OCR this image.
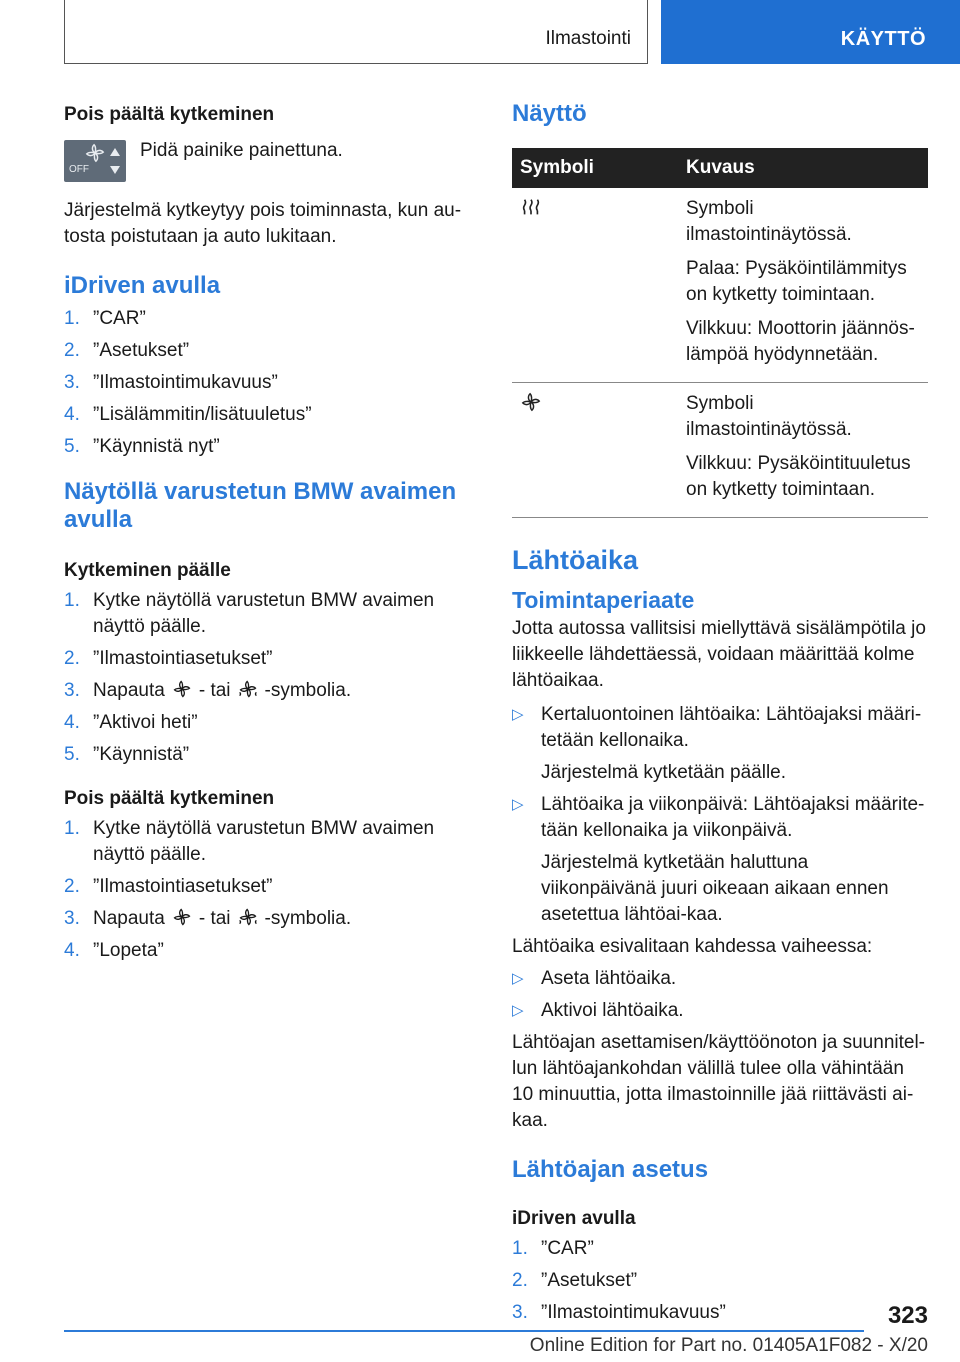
Ilmastointi	KÄYTTÖ

Pois päältä kytkeminen

OFF
Pidä painike painettuna.

Järjestelmä kytkeytyy pois toiminnasta, kun au-tosta poistutaan ja auto lukitaan.

iDriven avulla

1. ”CAR”
2. ”Asetukset”
3. ”Ilmastointimukavuus”
4. ”Lisälämmitin/lisätuuletus”
5. ”Käynnistä nyt”

Näytöllä varustetun BMW avaimen avulla

Kytkeminen päälle

1. Kytke näytöllä varustetun BMW avaimen näyttö päälle.
2. ”Ilmastointiasetukset”
3. Napauta - tai -symbolia.
4. ”Aktivoi heti”
5. ”Käynnistä”

Pois päältä kytkeminen

1. Kytke näytöllä varustetun BMW avaimen näyttö päälle.
2. ”Ilmastointiasetukset”
3. Napauta - tai -symbolia.
4. ”Lopeta”

Näyttö

Symboli	Kuvaus

Symboli ilmastointinäytössä.

Palaa: Pysäköintilämmitys on kytketty toimintaan.

Vilkkuu: Moottorin jäännös-lämpöä hyödynnetään.

Symboli ilmastointinäytössä.

Vilkkuu: Pysäköintituuletus on kytketty toimintaan.

Lähtöaika

Toimintaperiaate

Jotta autossa vallitsisi miellyttävä sisälämpötila jo liikkeelle lähdettäessä, voidaan määrittää kolme lähtöaikaa.

▷ Kertaluontoinen lähtöaika: Lähtöajaksi määri-tetään kellonaika.
Järjestelmä kytketään päälle.
▷ Lähtöaika ja viikonpäivä: Lähtöajaksi määrite-tään kellonaika ja viikonpäivä.
Järjestelmä kytketään haluttuna viikonpäivänä juuri oikeaan aikaan ennen asetettua lähtöai-kaa.

Lähtöaika esivalitaan kahdessa vaiheessa:

▷ Aseta lähtöaika.
▷ Aktivoi lähtöaika.

Lähtöajan asettamisen/käyttöönoton ja suunnitel-lun lähtöajankohdan välillä tulee olla vähintään 10 minuuttia, jotta ilmastoinnille jää riittävästi ai-kaa.

Lähtöajan asetus

iDriven avulla

1. ”CAR”
2. ”Asetukset”
3. ”Ilmastointimukavuus”	323
Online Edition for Part no. 01405A1F082 - X/20
